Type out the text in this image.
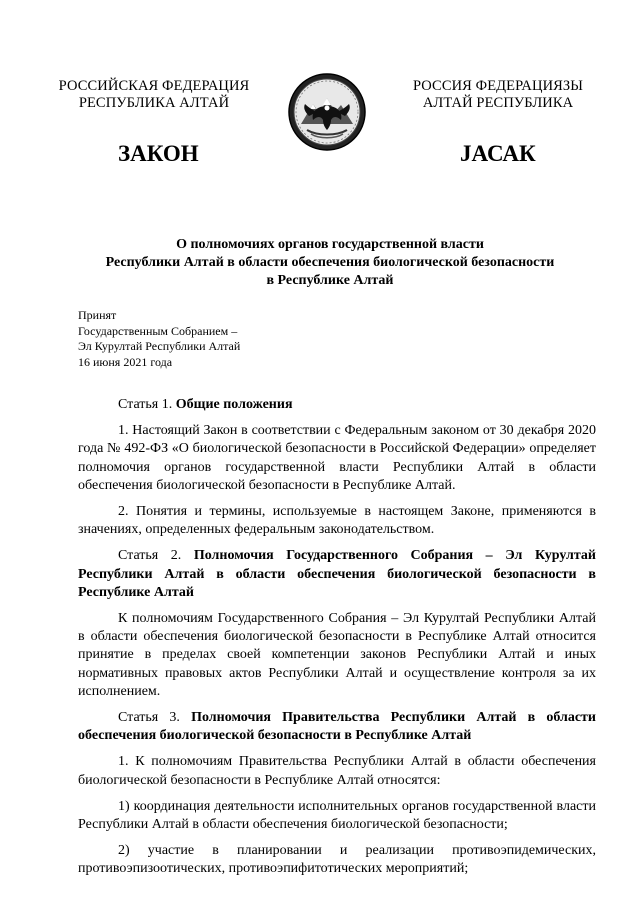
РОССИЙСКАЯ ФЕДЕРАЦИЯ
РЕСПУБЛИКА АЛТАЙ
РОССИЯ ФЕДЕРАЦИЯЗЫ
АЛТАЙ РЕСПУБЛИКА
ЗАКОН	JАСАК
О полномочиях органов государственной власти
Республики Алтай в области обеспечения биологической безопасности
в Республике Алтай
Принят
Государственным Собранием –
Эл Курултай Республики Алтай
16 июня 2021 года

Статья 1. Общие положения

1. Настоящий Закон в соответствии с Федеральным законом от 30 декабря 2020 года № 492-ФЗ «О биологической безопасности в Российской Федерации» определяет полномочия органов государственной власти Республики Алтай в области обеспечения биологической безопасности в Республике Алтай.

2. Понятия и термины, используемые в настоящем Законе, применяются в значениях, определенных федеральным законодательством.

Статья 2. Полномочия Государственного Собрания – Эл Курултай Республики Алтай в области обеспечения биологической безопасности в Республике Алтай

К полномочиям Государственного Собрания – Эл Курултай Республики Алтай в области обеспечения биологической безопасности в Республике Алтай относится принятие в пределах своей компетенции законов Республики Алтай и иных нормативных правовых актов Республики Алтай и осуществление контроля за их исполнением.

Статья 3. Полномочия Правительства Республики Алтай в области обеспечения биологической безопасности в Республике Алтай

1. К полномочиям Правительства Республики Алтай в области обеспечения биологической безопасности в Республике Алтай относятся:

1) координация деятельности исполнительных органов государственной власти Республики Алтай в области обеспечения биологической безопасности;

2) участие в планировании и реализации противоэпидемических, противоэпизоотических, противоэпифитотических мероприятий;
